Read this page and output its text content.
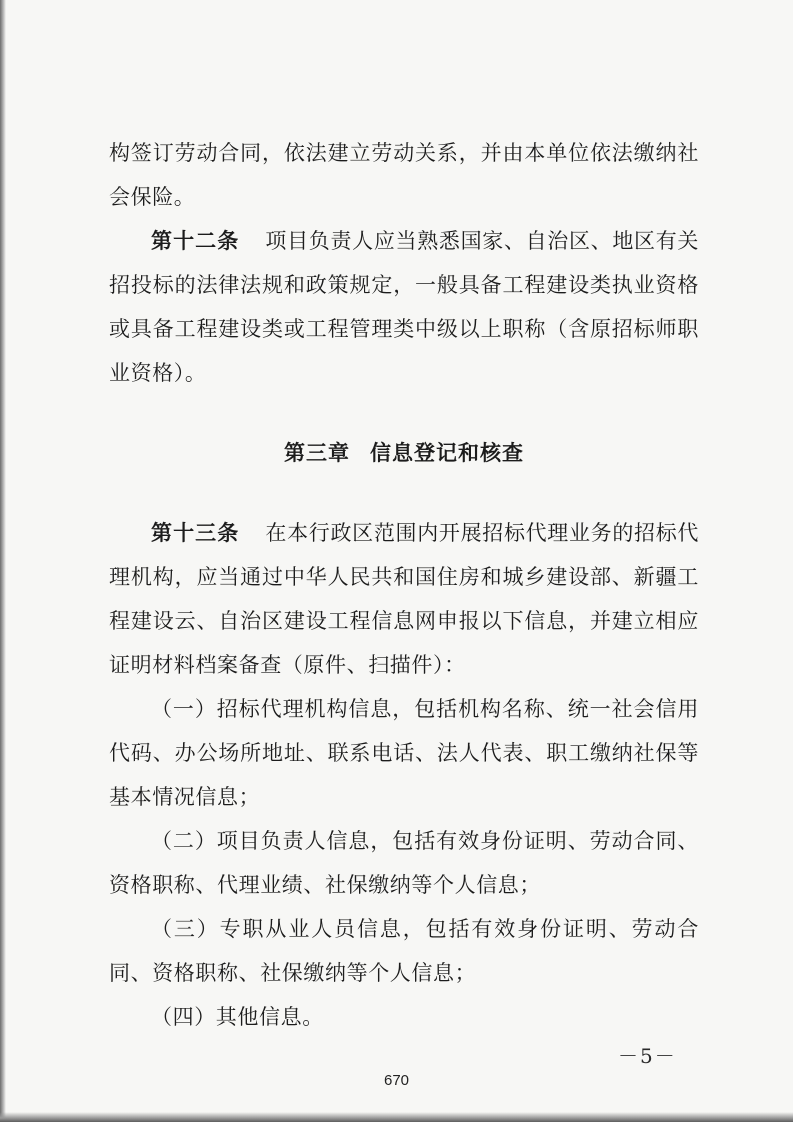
构签订劳动合同，依法建立劳动关系，并由本单位依法缴纳社会保险。

第十二条 项目负责人应当熟悉国家、自治区、地区有关招投标的法律法规和政策规定，一般具备工程建设类执业资格或具备工程建设类或工程管理类中级以上职称（含原招标师职业资格）。

第三章 信息登记和核查

第十三条 在本行政区范围内开展招标代理业务的招标代理机构，应当通过中华人民共和国住房和城乡建设部、新疆工程建设云、自治区建设工程信息网申报以下信息，并建立相应证明材料档案备查（原件、扫描件）：

（一）招标代理机构信息，包括机构名称、统一社会信用代码、办公场所地址、联系电话、法人代表、职工缴纳社保等基本情况信息；

（二）项目负责人信息，包括有效身份证明、劳动合同、资格职称、代理业绩、社保缴纳等个人信息；

（三）专职从业人员信息，包括有效身份证明、劳动合同、资格职称、社保缴纳等个人信息；

（四）其他信息。

－5－
670
